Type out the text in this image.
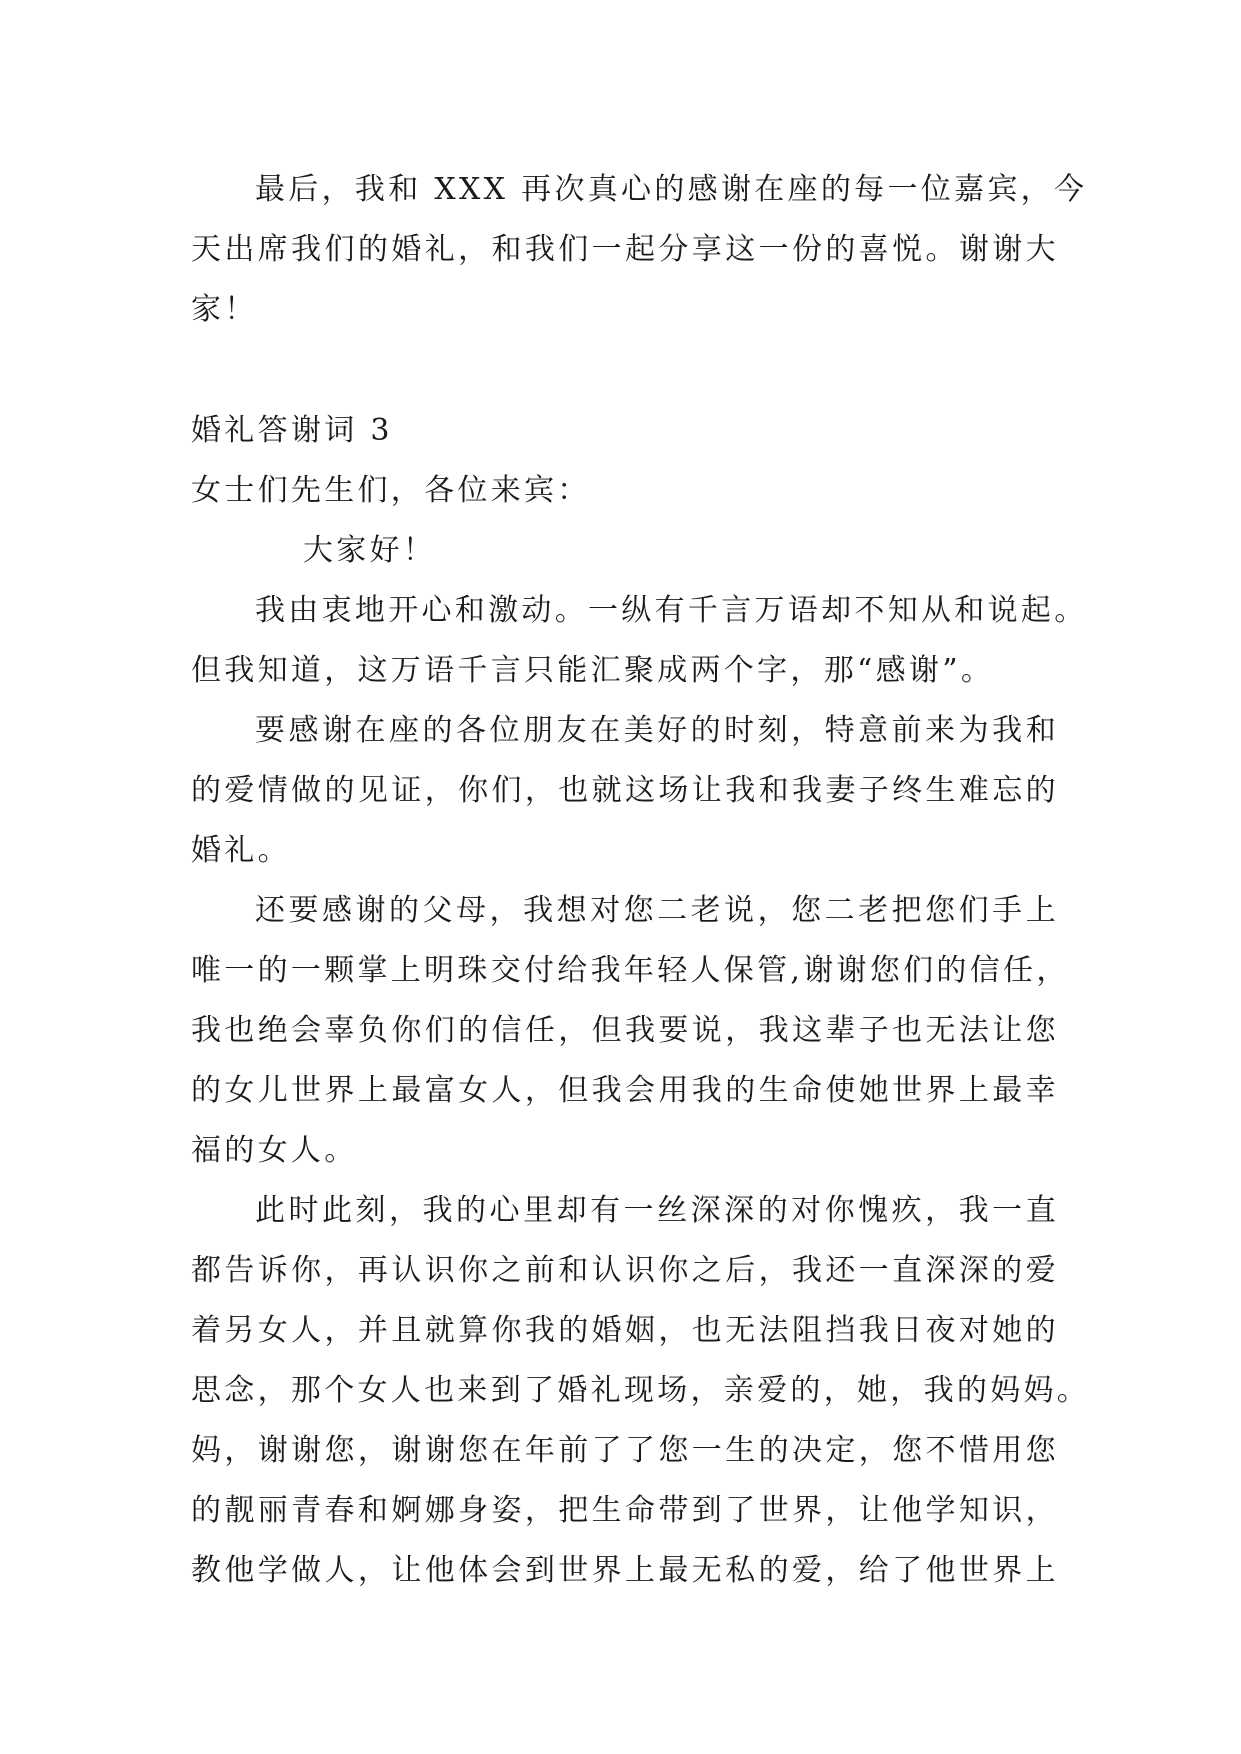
最后，我和 XXX 再次真心的感谢在座的每一位嘉宾，今

天出席我们的婚礼，和我们一起分享这一份的喜悦。谢谢大

家！

婚礼答谢词 3

女士们先生们，各位来宾：

大家好！

我由衷地开心和激动。一纵有千言万语却不知从和说起。

但我知道，这万语千言只能汇聚成两个字，那“感谢”。

要感谢在座的各位朋友在美好的时刻，特意前来为我和

的爱情做的见证，你们，也就这场让我和我妻子终生难忘的

婚礼。

还要感谢的父母，我想对您二老说，您二老把您们手上

唯一的一颗掌上明珠交付给我年轻人保管,谢谢您们的信任，

我也绝会辜负你们的信任，但我要说，我这辈子也无法让您

的女儿世界上最富女人，但我会用我的生命使她世界上最幸

福的女人。

此时此刻，我的心里却有一丝深深的对你愧疚，我一直

都告诉你，再认识你之前和认识你之后，我还一直深深的爱

着另女人，并且就算你我的婚姻，也无法阻挡我日夜对她的

思念，那个女人也来到了婚礼现场，亲爱的，她，我的妈妈。

妈，谢谢您，谢谢您在年前了了您一生的决定，您不惜用您

的靓丽青春和婀娜身姿，把生命带到了世界，让他学知识，

教他学做人，让他体会到世界上最无私的爱，给了他世界上
